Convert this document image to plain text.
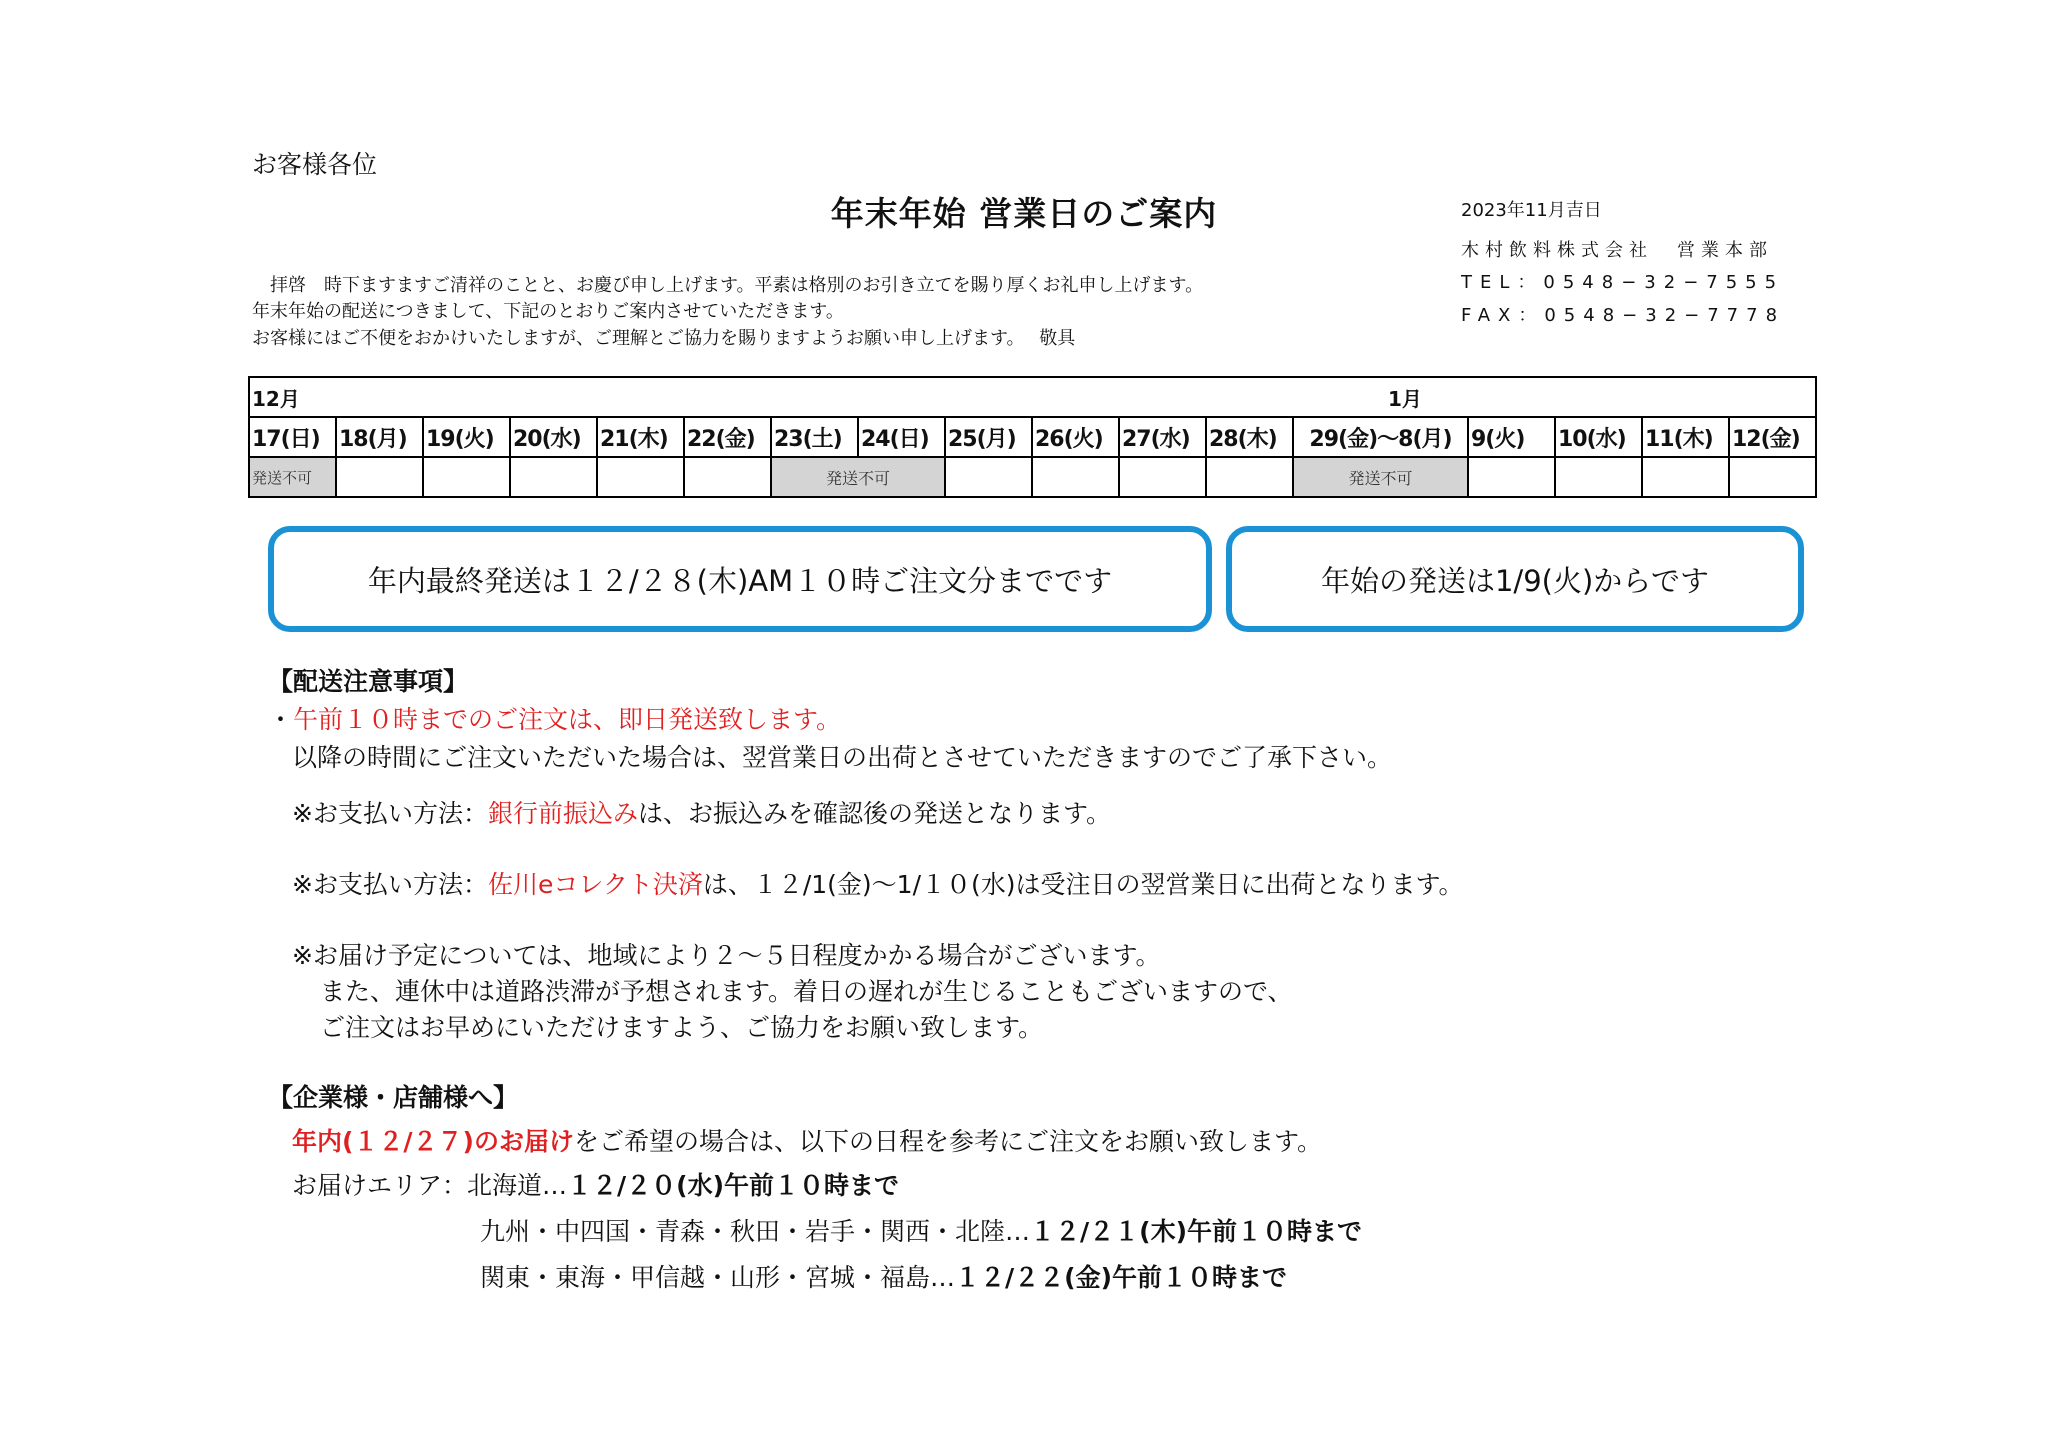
お客様各位
年末年始 営業日のご案内	2023年11月吉日
木村飲料株式会社　営業本部
TEL：0548−32−7555
FAX：0548−32−7778
　拝啓　時下ますますご清祥のことと、お慶び申し上げます。平素は格別のお引き立てを賜り厚くお礼申し上げます。
年末年始の配送につきまして、下記のとおりご案内させていただきます。
お客様にはご不便をおかけいたしますが、ご理解とご協力を賜りますようお願い申し上げます。　 敬具
12月												1月				
17(日)	18(月)	19(火)	20(水)	21(木)	22(金)	23(土)	24(日)	25(月)	26(火)	27(水)	28(木)	29(金)〜8(月)	9(火)	10(水)	11(木)	12(金)
発送不可						発送不可						発送不可				
年内最終発送は１２/２８(木)AM１０時ご注文分までです	年始の発送は1/9(火)からです
【配送注意事項】
・午前１０時までのご注文は、即日発送致します。
以降の時間にご注文いただいた場合は、翌営業日の出荷とさせていただきますのでご了承下さい。
※お支払い方法：銀行前振込みは、お振込みを確認後の発送となります。
※お支払い方法：佐川eコレクト決済は、１２/1(金)〜1/１０(水)は受注日の翌営業日に出荷となります。
※お届け予定については、地域により２〜５日程度かかる場合がございます。
また、連休中は道路渋滞が予想されます。着日の遅れが生じることもございますので、
ご注文はお早めにいただけますよう、ご協力をお願い致します。
【企業様・店舗様へ】
年内(１２/２７)のお届けをご希望の場合は、以下の日程を参考にご注文をお願い致します。
お届けエリア：北海道…１２/２０(水)午前１０時まで
九州・中四国・青森・秋田・岩手・関西・北陸…１２/２１(木)午前１０時まで
関東・東海・甲信越・山形・宮城・福島…１２/２２(金)午前１０時まで
